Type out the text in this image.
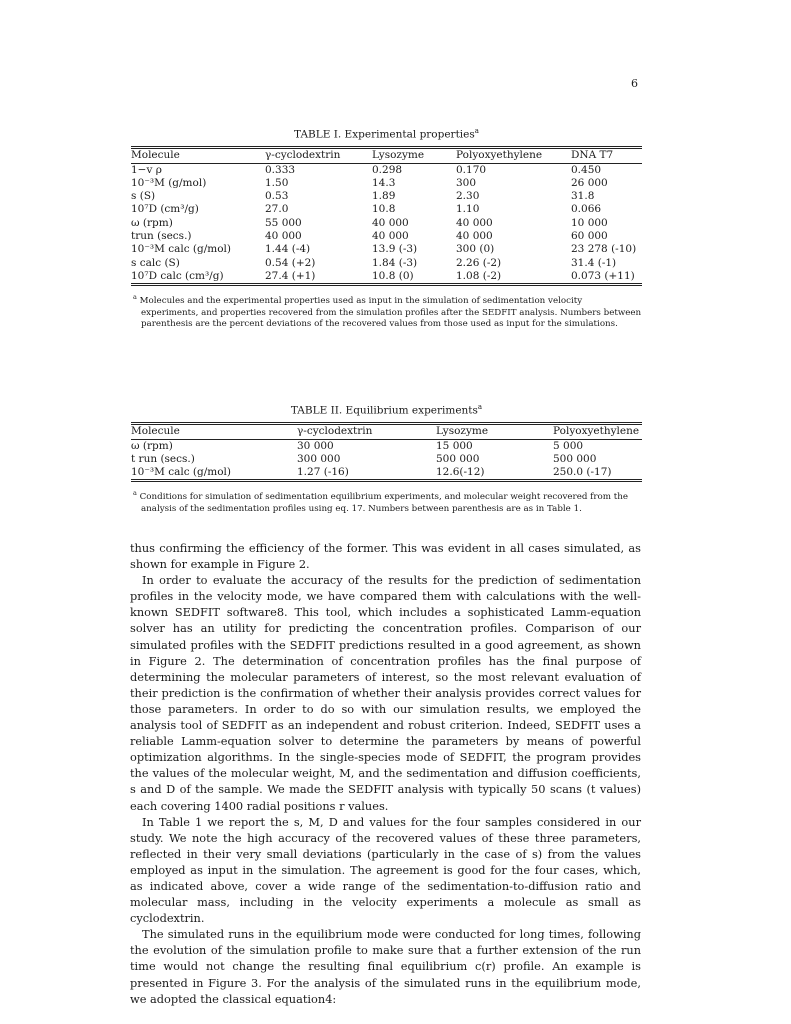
6
TABLE I. Experimental properties$^a$
Molecule	γ-cyclodextrin	Lysozyme	Polyoxyethylene	DNA T7
1−v ρ	0.333	0.298	0.170	0.450
10⁻³M (g/mol)	1.50	14.3	300	26 000
s (S)	0.53	1.89	2.30	31.8
10⁷D (cm³/g)	27.0	10.8	1.10	0.066
ω (rpm)	55 000	40 000	40 000	10 000
trun (secs.)	40 000	40 000	40 000	60 000
10⁻³M calc (g/mol)	1.44 (-4)	13.9 (-3)	300 (0)	23 278 (-10)
s calc (S)	0.54 (+2)	1.84 (-3)	2.26 (-2)	31.4 (-1)
10⁷D calc (cm³/g)	27.4 (+1)	10.8 (0)	1.08 (-2)	0.073 (+11)
$^a$ Molecules and the experimental properties used as input in the simulation of sedimentation velocity experiments, and properties recovered from the simulation profiles after the SEDFIT analysis. Numbers between parenthesis are the percent deviations of the recovered values from those used as input for the simulations.
TABLE II. Equilibrium experiments$^a$
Molecule	γ-cyclodextrin	Lysozyme	Polyoxyethylene
ω (rpm)	30 000	15 000	5 000
t run (secs.)	300 000	500 000	500 000
10⁻³M calc (g/mol)	1.27 (-16)	12.6(-12)	250.0 (-17)
$^a$ Conditions for simulation of sedimentation equilibrium experiments, and molecular weight recovered from the analysis of the sedimentation profiles using eq. 17. Numbers between parenthesis are as in Table 1.

thus confirming the efficiency of the former. This was evident in all cases simulated, as shown for example in Figure 2.

In order to evaluate the accuracy of the results for the prediction of sedimentation profiles in the velocity mode, we have compared them with calculations with the well-known SEDFIT software8. This tool, which includes a sophisticated Lamm-equation solver has an utility for predicting the concentration profiles. Comparison of our simulated profiles with the SEDFIT predictions resulted in a good agreement, as shown in Figure 2. The determination of concentration profiles has the final purpose of determining the molecular parameters of interest, so the most relevant evaluation of their prediction is the confirmation of whether their analysis provides correct values for those parameters. In order to do so with our simulation results, we employed the analysis tool of SEDFIT as an independent and robust criterion. Indeed, SEDFIT uses a reliable Lamm-equation solver to determine the parameters by means of powerful optimization algorithms. In the single-species mode of SEDFIT, the program provides the values of the molecular weight, M, and the sedimentation and diffusion coefficients, s and D of the sample. We made the SEDFIT analysis with typically 50 scans (t values) each covering 1400 radial positions r values.

In Table 1 we report the s, M, D and values for the four samples considered in our study. We note the high accuracy of the recovered values of these three parameters, reflected in their very small deviations (particularly in the case of s) from the values employed as input in the simulation. The agreement is good for the four cases, which, as indicated above, cover a wide range of the sedimentation-to-diffusion ratio and molecular mass, including in the velocity experiments a molecule as small as cyclodextrin.

The simulated runs in the equilibrium mode were conducted for long times, following the evolution of the simulation profile to make sure that a further extension of the run time would not change the resulting final equilibrium c(r) profile. An example is presented in Figure 3. For the analysis of the simulated runs in the equilibrium mode, we adopted the classical equation4:
